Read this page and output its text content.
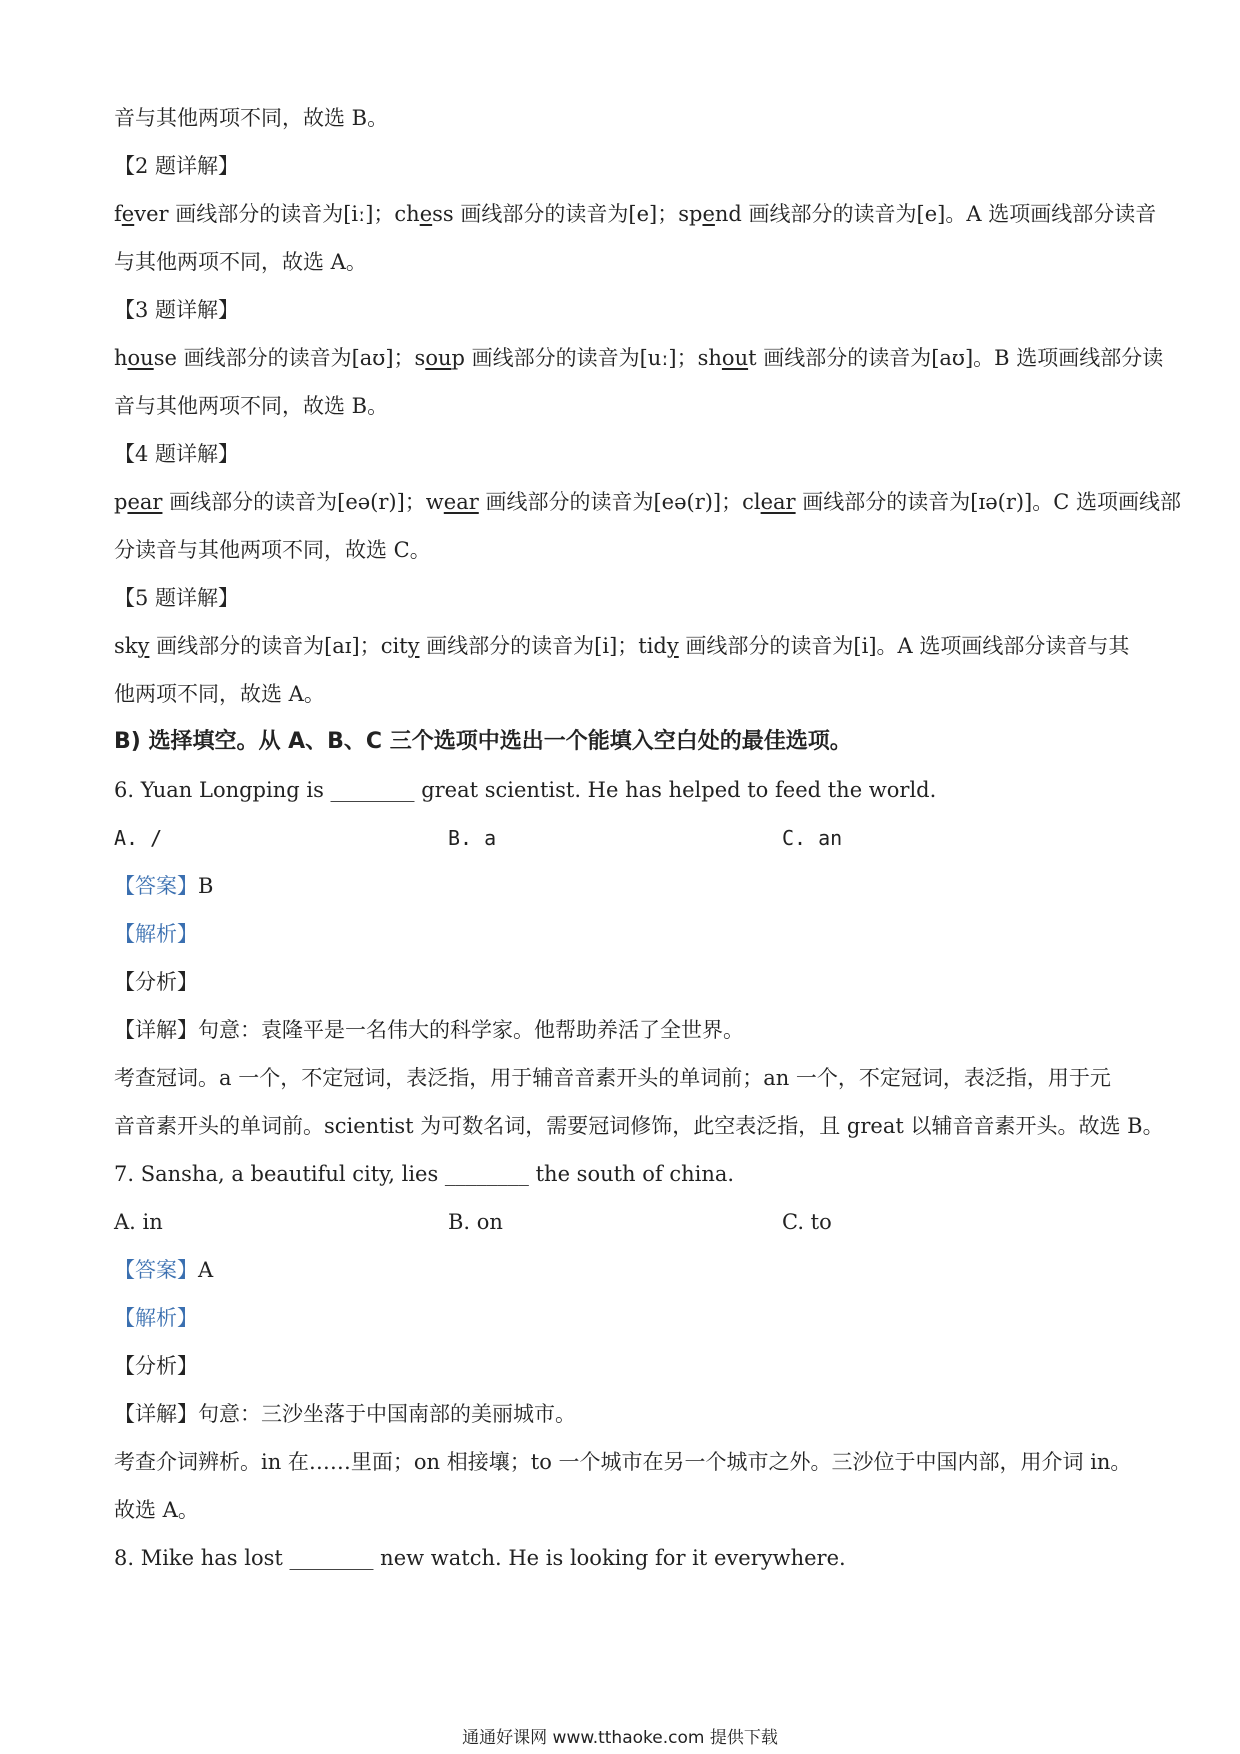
音与其他两项不同，故选 B。
【2 题详解】
fever 画线部分的读音为[iː]；chess 画线部分的读音为[e]；spend 画线部分的读音为[e]。A 选项画线部分读音
与其他两项不同，故选 A。
【3 题详解】
house 画线部分的读音为[aʊ]；soup 画线部分的读音为[uː]；shout 画线部分的读音为[aʊ]。B 选项画线部分读
音与其他两项不同，故选 B。
【4 题详解】
pear 画线部分的读音为[eə(r)]；wear 画线部分的读音为[eə(r)]；clear 画线部分的读音为[ɪə(r)]。C 选项画线部
分读音与其他两项不同，故选 C。
【5 题详解】
sky 画线部分的读音为[aɪ]；city 画线部分的读音为[i]；tidy 画线部分的读音为[i]。A 选项画线部分读音与其
他两项不同，故选 A。
B) 选择填空。从 A、B、C 三个选项中选出一个能填入空白处的最佳选项。
6. Yuan Longping is ________ great scientist. He has helped to feed the world.
A. /	B. a	C. an
【答案】B
【解析】
【分析】
【详解】句意：袁隆平是一名伟大的科学家。他帮助养活了全世界。
考查冠词。a 一个，不定冠词，表泛指，用于辅音音素开头的单词前；an 一个，不定冠词，表泛指，用于元
音音素开头的单词前。scientist 为可数名词，需要冠词修饰，此空表泛指，且 great 以辅音音素开头。故选 B。
7. Sansha, a beautiful city, lies ________ the south of china.
A. in	B. on	C. to
【答案】A
【解析】
【分析】
【详解】句意：三沙坐落于中国南部的美丽城市。
考查介词辨析。in 在……里面；on 相接壤；to 一个城市在另一个城市之外。三沙位于中国内部，用介词 in。
故选 A。
8. Mike has lost ________ new watch. He is looking for it everywhere.
通通好课网 www.tthaoke.com 提供下载
